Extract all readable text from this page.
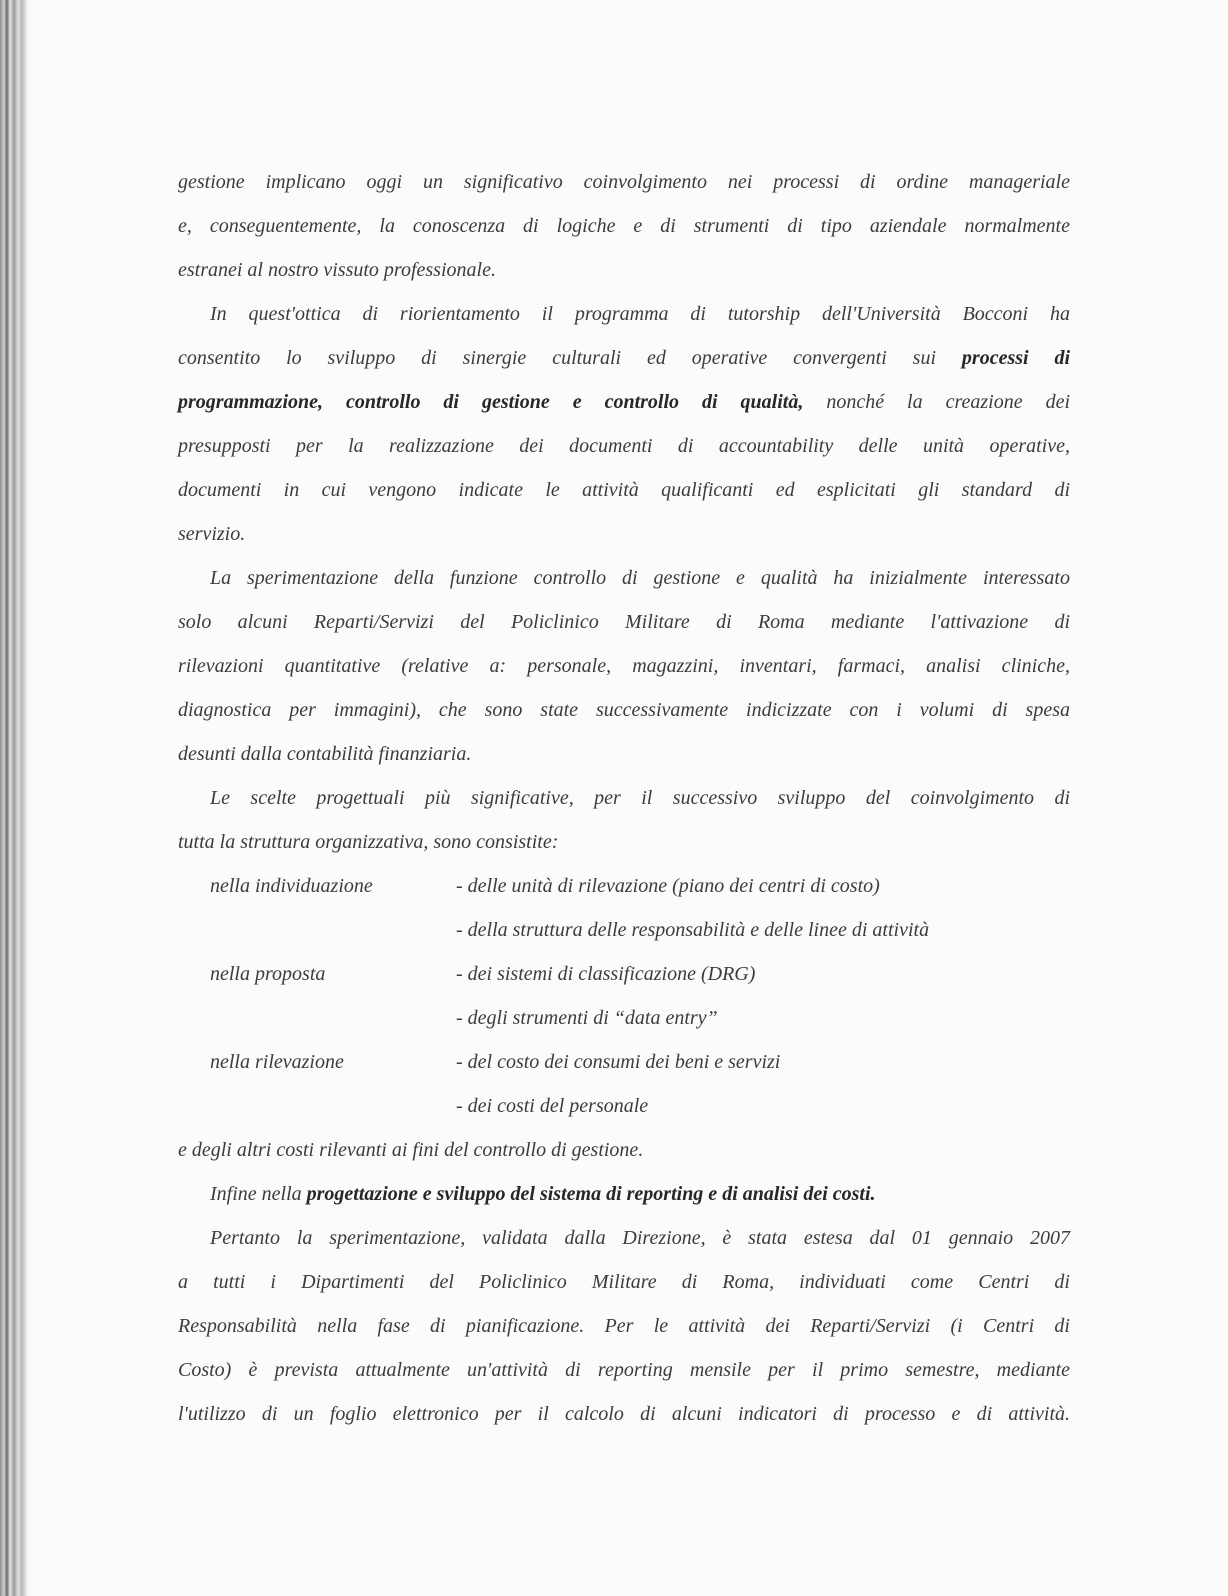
gestione implicano oggi un significativo coinvolgimento nei processi di ordine manageriale
e, conseguentemente, la conoscenza di logiche e di strumenti di tipo aziendale normalmente
estranei al nostro vissuto professionale.
In quest'ottica di riorientamento il programma di tutorship dell'Università Bocconi ha
consentito lo sviluppo di sinergie culturali ed operative convergenti sui processi di
programmazione, controllo di gestione e controllo di qualità, nonché la creazione dei
presupposti per la realizzazione dei documenti di accountability delle unità operative,
documenti in cui vengono indicate le attività qualificanti ed esplicitati gli standard di
servizio.
La sperimentazione della funzione controllo di gestione e qualità ha inizialmente interessato
solo alcuni Reparti/Servizi del Policlinico Militare di Roma mediante l'attivazione di
rilevazioni quantitative (relative a: personale, magazzini, inventari, farmaci, analisi cliniche,
diagnostica per immagini), che sono state successivamente indicizzate con i volumi di spesa
desunti dalla contabilità finanziaria.
Le scelte progettuali più significative, per il successivo sviluppo del coinvolgimento di
tutta la struttura organizzativa, sono consistite:
nella individuazione	- delle unità di rilevazione (piano dei centri di costo)
- della struttura delle responsabilità e delle linee di attività
nella proposta	- dei sistemi di classificazione (DRG)
- degli strumenti di “data entry”
nella rilevazione	- del costo dei consumi dei beni e servizi
- dei costi del personale
e degli altri costi rilevanti ai fini del controllo di gestione.
Infine nella progettazione e sviluppo del sistema di reporting e di analisi dei costi.
Pertanto la sperimentazione, validata dalla Direzione, è stata estesa dal 01 gennaio 2007
a tutti i Dipartimenti del Policlinico Militare di Roma, individuati come Centri di
Responsabilità nella fase di pianificazione. Per le attività dei Reparti/Servizi (i Centri di
Costo) è prevista attualmente un'attività di reporting mensile per il primo semestre, mediante
l'utilizzo di un foglio elettronico per il calcolo di alcuni indicatori di processo e di attività.
